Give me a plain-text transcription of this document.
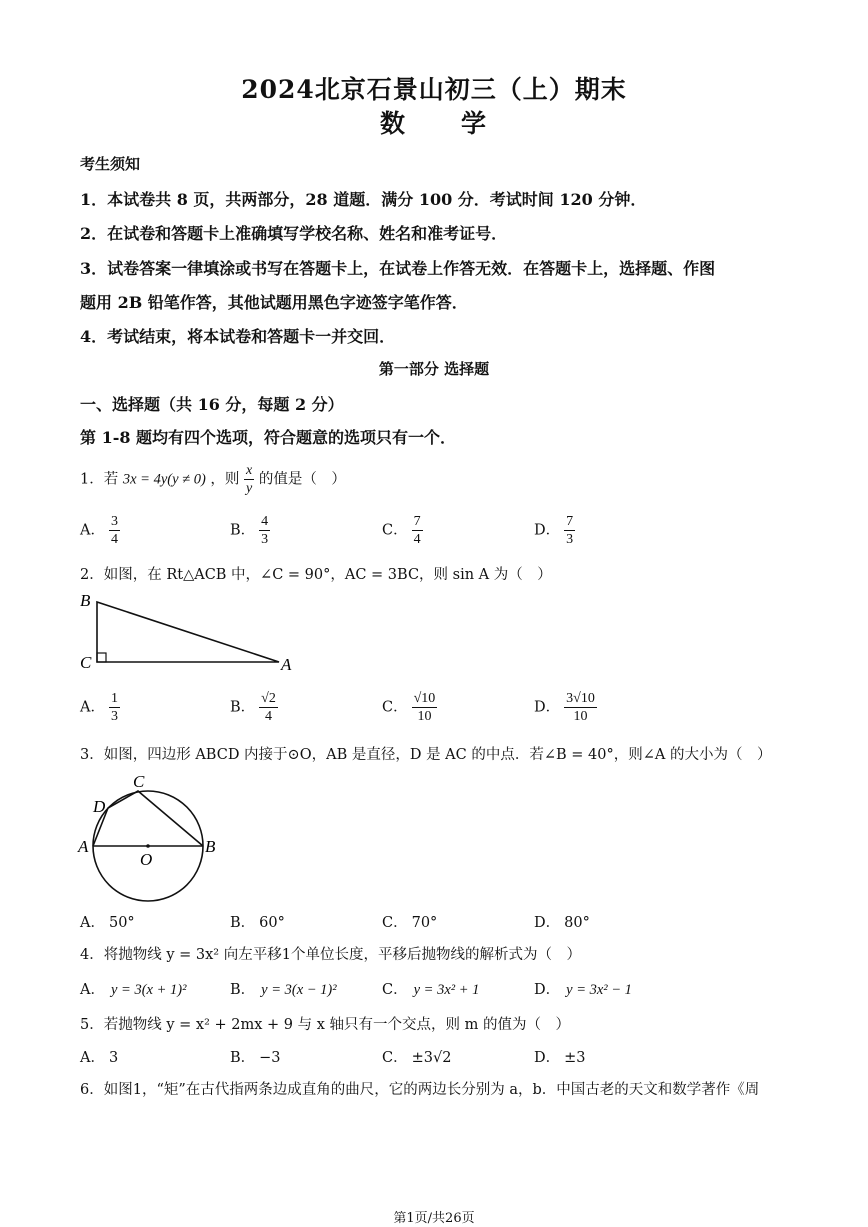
2024北京石景山初三（上）期末
数　　学
考生须知
1．本试卷共 8 页，共两部分，28 道题．满分 100 分．考试时间 120 分钟．
2．在试卷和答题卡上准确填写学校名称、姓名和准考证号．
3．试卷答案一律填涂或书写在答题卡上，在试卷上作答无效．在答题卡上，选择题、作图
题用 2B 铅笔作答，其他试题用黑色字迹签字笔作答．
4．考试结束，将本试卷和答题卡一并交回．
第一部分 选择题
一、选择题（共 16 分，每题 2 分）
第 1-8 题均有四个选项，符合题意的选项只有一个．
1．若 3x = 4y(y ≠ 0) ，则 $\frac{x}{y}$ 的值是（　）
A． $\frac{3}{4}$	B． $\frac{4}{3}$	C． $\frac{7}{4}$	D． $\frac{7}{3}$
2．如图，在 Rt△ACB 中，∠C = 90°，AC = 3BC，则 sin A 为（　）
B
C	A
A． $\frac{1}{3}$	B． $\frac{√2}{4}$	C． $\frac{√10}{10}$	D． $\frac{3√10}{10}$
3．如图，四边形 ABCD 内接于⊙O，AB 是直径，D 是 AC 的中点．若∠B = 40°，则∠A 的大小为（　）
A	B
C
D
O
A． 50°	B． 60°	C． 70°	D． 80°
4．将抛物线 y = 3x² 向左平移1个单位长度，平移后抛物线的解析式为（　）
A． y = 3(x + 1)²	B． y = 3(x − 1)²	C． y = 3x² + 1	D． y = 3x² − 1
5．若抛物线 y = x² + 2mx + 9 与 x 轴只有一个交点，则 m 的值为（　）
A． 3	B． −3	C． ±3√2	D． ±3
6．如图1，“矩”在古代指两条边成直角的曲尺，它的两边长分别为 a，b．中国古老的天文和数学著作《周
第1页/共26页
